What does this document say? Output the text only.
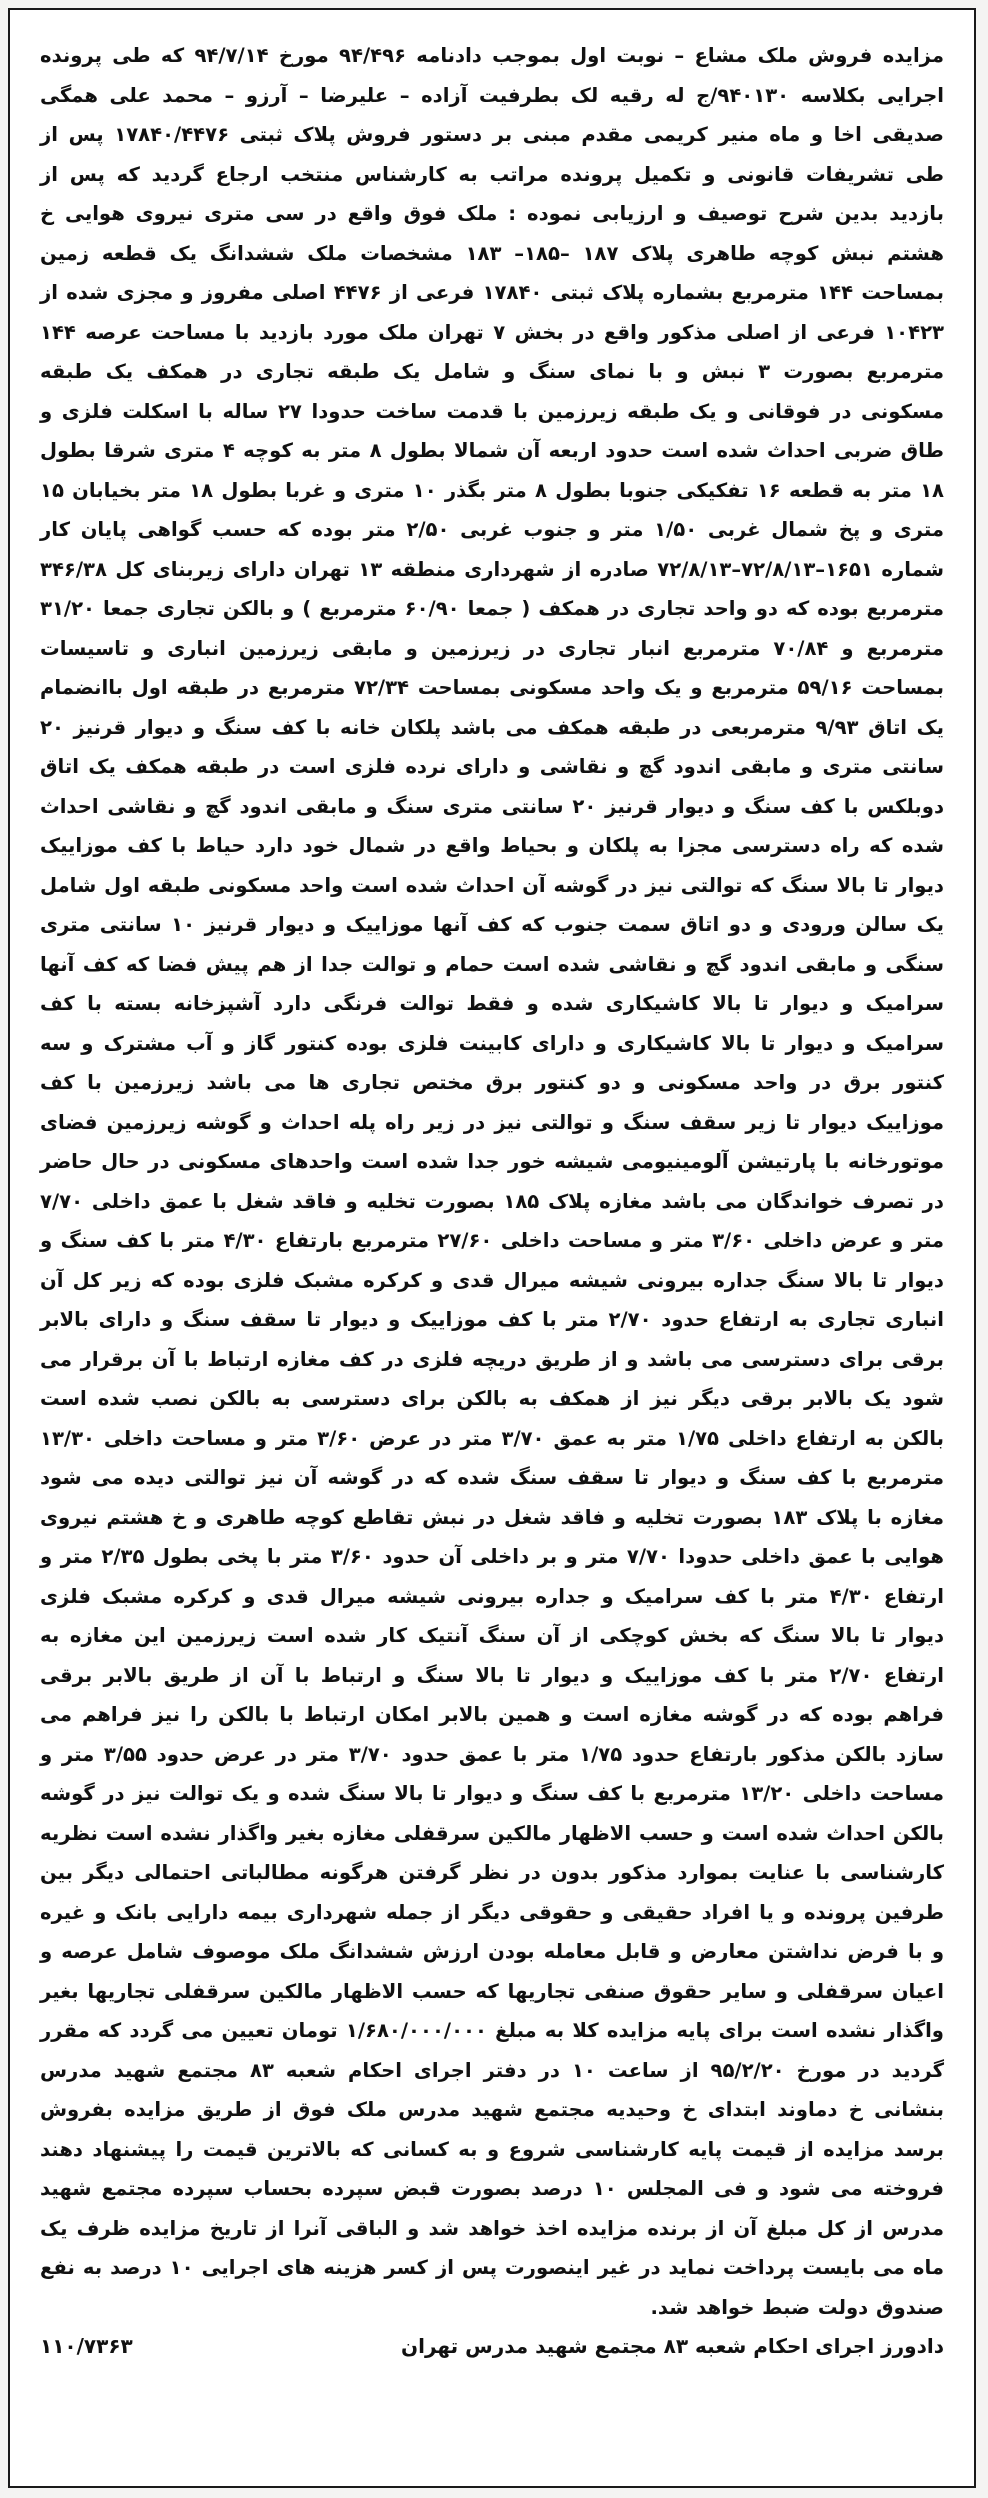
مزایده فروش ملک مشاع – نوبت اول بموجب دادنامه ۹۴/۴۹۶ مورخ ۹۴/۷/۱۴ که طی پرونده اجرایی بکلاسه ۹۴۰۱۳۰/ج له رقیه لک بطرفیت آزاده – علیرضا – آرزو – محمد علی همگی صدیقی اخا و ماه منیر کریمی مقدم مبنی بر دستور فروش پلاک ثبتی ۱۷۸۴۰/۴۴۷۶ پس از طی تشریفات قانونی و تکمیل پرونده مراتب به کارشناس منتخب ارجاع گردید که پس از بازدید بدین شرح توصیف و ارزیابی نموده : ملک فوق واقع در سی متری نیروی هوایی خ هشتم نبش کوچه طاهری پلاک ۱۸۷ –۱۸۵– ۱۸۳ مشخصات ملک ششدانگ یک قطعه زمین بمساحت ۱۴۴ مترمربع بشماره پلاک ثبتی ۱۷۸۴۰ فرعی از ۴۴۷۶ اصلی مفروز و مجزی شده از ۱۰۴۲۳ فرعی از اصلی مذکور واقع در بخش ۷ تهران ملک مورد بازدید با مساحت عرصه ۱۴۴ مترمربع بصورت ۳ نبش و با نمای سنگ و شامل یک طبقه تجاری در همکف یک طبقه مسکونی در فوقانی و یک طبقه زیرزمین با قدمت ساخت حدودا ۲۷ ساله با اسکلت فلزی و طاق ضربی احداث شده است حدود اربعه آن شمالا بطول ۸ متر به کوچه ۴ متری شرقا بطول ۱۸ متر به قطعه ۱۶ تفکیکی جنوبا بطول ۸ متر بگذر ۱۰ متری و غربا بطول ۱۸ متر بخیابان ۱۵ متری و پخ شمال غربی ۱/۵۰ متر و جنوب غربی ۲/۵۰ متر بوده که حسب گواهی پایان کار شماره ۱۶۵۱–۷۲/۸/۱۳–۷۲/۸/۱۳ صادره از شهرداری منطقه ۱۳ تهران دارای زیربنای کل ۳۴۶/۳۸ مترمربع بوده که دو واحد تجاری در همکف ( جمعا ۶۰/۹۰ مترمربع ) و بالکن تجاری جمعا ۳۱/۲۰ مترمربع و ۷۰/۸۴ مترمربع انبار تجاری در زیرزمین و مابقی زیرزمین انباری و تاسیسات بمساحت ۵۹/۱۶ مترمربع و یک واحد مسکونی بمساحت ۷۲/۳۴ مترمربع در طبقه اول باانضمام یک اتاق ۹/۹۳ مترمربعی در طبقه همکف می باشد پلکان خانه با کف سنگ و دیوار قرنیز ۲۰ سانتی متری و مابقی اندود گچ و نقاشی و دارای نرده فلزی است در طبقه همکف یک اتاق دوبلکس با کف سنگ و دیوار قرنیز ۲۰ سانتی متری سنگ و مابقی اندود گچ و نقاشی احداث شده که راه دسترسی مجزا به پلکان و بحیاط واقع در شمال خود دارد حیاط با کف موزاییک دیوار تا بالا سنگ که توالتی نیز در گوشه آن احداث شده است واحد مسکونی طبقه اول شامل یک سالن ورودی و دو اتاق سمت جنوب که کف آنها موزاییک و دیوار قرنیز ۱۰ سانتی متری سنگی و مابقی اندود گچ و نقاشی شده است حمام و توالت جدا از هم پیش فضا که کف آنها سرامیک و دیوار تا بالا کاشیکاری شده و فقط توالت فرنگی دارد آشپزخانه بسته با کف سرامیک و دیوار تا بالا کاشیکاری و دارای کابینت فلزی بوده کنتور گاز و آب مشترک و سه کنتور برق در واحد مسکونی و دو کنتور برق مختص تجاری ها می باشد زیرزمین با کف موزاییک دیوار تا زیر سقف سنگ و توالتی نیز در زیر راه پله احداث و گوشه زیرزمین فضای موتورخانه با پارتیشن آلومینیومی شیشه خور جدا شده است واحدهای مسکونی در حال حاضر در تصرف خواندگان می باشد مغازه پلاک ۱۸۵ بصورت تخلیه و فاقد شغل با عمق داخلی ۷/۷۰ متر و عرض داخلی ۳/۶۰ متر و مساحت داخلی ۲۷/۶۰ مترمربع بارتفاع ۴/۳۰ متر با کف سنگ و دیوار تا بالا سنگ جداره بیرونی شیشه میرال قدی و کرکره مشبک فلزی بوده که زیر کل آن انباری تجاری به ارتفاع حدود ۲/۷۰ متر با کف موزاییک و دیوار تا سقف سنگ و دارای بالابر برقی برای دسترسی می باشد و از طریق دریچه فلزی در کف مغازه ارتباط با آن برقرار می شود یک بالابر برقی دیگر نیز از همکف به بالکن برای دسترسی به بالکن نصب شده است بالکن به ارتفاع داخلی ۱/۷۵ متر به عمق ۳/۷۰ متر در عرض ۳/۶۰ متر و مساحت داخلی ۱۳/۳۰ مترمربع با کف سنگ و دیوار تا سقف سنگ شده که در گوشه آن نیز توالتی دیده می شود مغازه با پلاک ۱۸۳ بصورت تخلیه و فاقد شغل در نبش تقاطع کوچه طاهری و خ هشتم نیروی هوایی با عمق داخلی حدودا ۷/۷۰ متر و بر داخلی آن حدود ۳/۶۰ متر با پخی بطول ۲/۳۵ متر و ارتفاع ۴/۳۰ متر با کف سرامیک و جداره بیرونی شیشه میرال قدی و کرکره مشبک فلزی دیوار تا بالا سنگ که بخش کوچکی از آن سنگ آنتیک کار شده است زیرزمین این مغازه به ارتفاع ۲/۷۰ متر با کف موزاییک و دیوار تا بالا سنگ و ارتباط با آن از طریق بالابر برقی فراهم بوده که در گوشه مغازه است و همین بالابر امکان ارتباط با بالکن را نیز فراهم می سازد بالکن مذکور بارتفاع حدود ۱/۷۵ متر با عمق حدود ۳/۷۰ متر در عرض حدود ۳/۵۵ متر و مساحت داخلی ۱۳/۲۰ مترمربع با کف سنگ و دیوار تا بالا سنگ شده و یک توالت نیز در گوشه بالکن احداث شده است و حسب الاظهار مالکین سرقفلی مغازه بغیر واگذار نشده است نظریه کارشناسی با عنایت بموارد مذکور بدون در نظر گرفتن هرگونه مطالباتی احتمالی دیگر بین طرفین پرونده و یا افراد حقیقی و حقوقی دیگر از جمله شهرداری بیمه دارایی بانک و غیره و با فرض نداشتن معارض و قابل معامله بودن ارزش ششدانگ ملک موصوف شامل عرصه و اعیان سرقفلی و سایر حقوق صنفی تجاریها که حسب الاظهار مالکین سرقفلی تجاریها بغیر واگذار نشده است برای پایه مزایده کلا به مبلغ ۱/۶۸۰/۰۰۰/۰۰۰ تومان تعیین می گردد که مقرر گردید در مورخ ۹۵/۲/۲۰ از ساعت ۱۰ در دفتر اجرای احکام شعبه ۸۳ مجتمع شهید مدرس بنشانی خ دماوند ابتدای خ وحیدیه مجتمع شهید مدرس ملک فوق از طریق مزایده بفروش برسد مزایده از قیمت پایه کارشناسی شروع و به کسانی که بالاترین قیمت را پیشنهاد دهند فروخته می شود و فی المجلس ۱۰ درصد بصورت قبض سپرده بحساب سپرده مجتمع شهید مدرس از کل مبلغ آن از برنده مزایده اخذ خواهد شد و الباقی آنرا از تاریخ مزایده ظرف یک ماه می بایست پرداخت نماید در غیر اینصورت پس از کسر هزینه های اجرایی ۱۰ درصد به نفع صندوق دولت ضبط خواهد شد.

دادورز اجرای احکام شعبه ۸۳ مجتمع شهید مدرس تهران
۱۱۰/۷۳۶۳
